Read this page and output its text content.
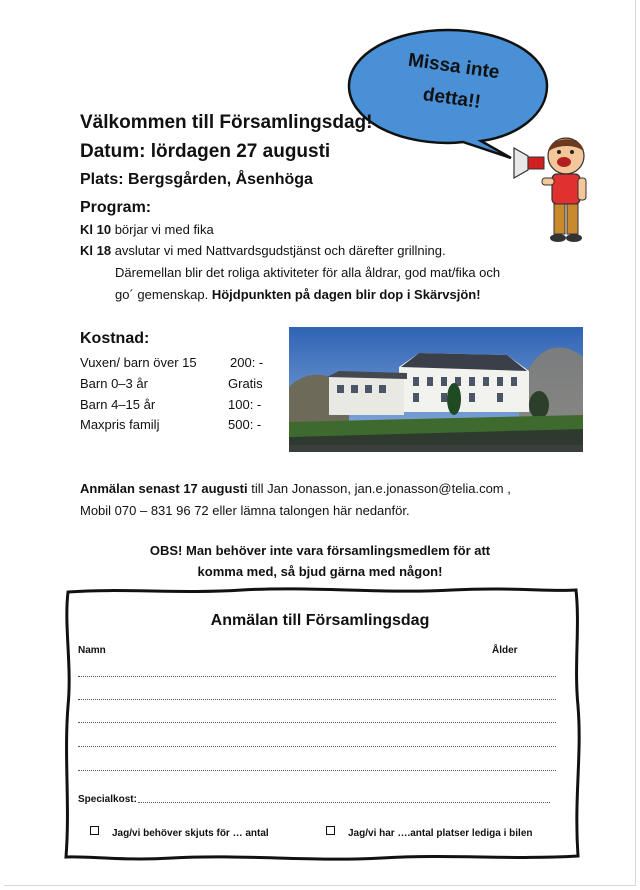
Missa inte
detta!!
Välkommen till Församlingsdag!
Datum: lördagen 27 augusti
Plats: Bergsgården, Åsenhöga
Program:

Kl 10 börjar vi med fika

Kl 18 avslutar vi med Nattvardsgudstjänst och därefter grillning.

Däremellan blir det roliga aktiviteter för alla åldrar, god mat/fika och

go´ gemenskap. Höjdpunkten på dagen blir dop i Skärvsjön!

Kostnad:
Vuxen/ barn över 15	200: -
Barn 0–3 år	Gratis
Barn 4–15 år	100: -
Maxpris familj	500: -

Anmälan senast 17 augusti till Jan Jonasson, jan.e.jonasson@telia.com ,

Mobil 070 – 831 96 72 eller lämna talongen här nedanför.

OBS! Man behöver inte vara församlingsmedlem för att

komma med, så bjud gärna med någon!

Anmälan till Församlingsdag
Namn	Ålder
Specialkost:
Jag/vi behöver skjuts för … antal	Jag/vi har ….antal platser lediga i bilen
